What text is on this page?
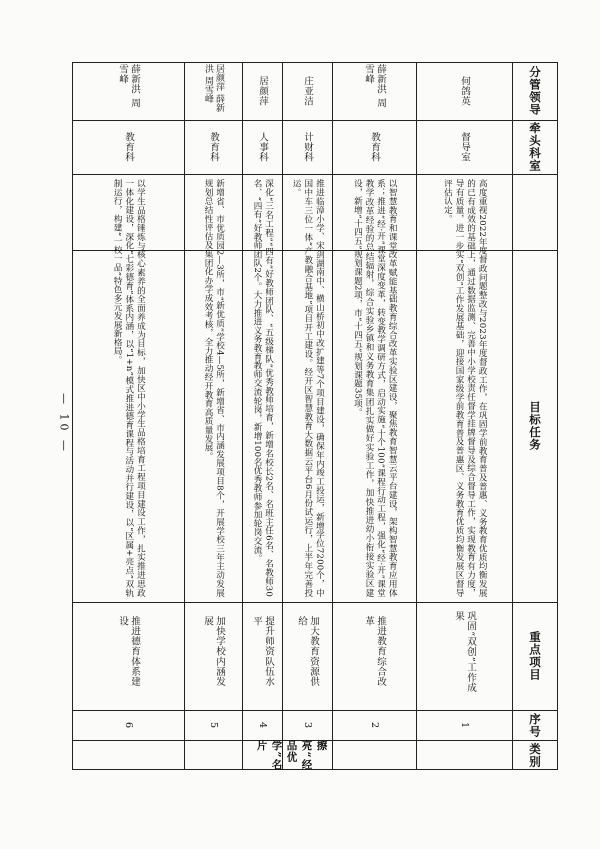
— 10 —
分管领导
牵头科室
目标任务
重点项目
序号
类别
擦亮“经品优学”名片
何鸽英
督导室
高度重视2022年度督政问题整改与2023年度督政工作，在巩固学前教育普及普惠、义务教育优质均衡发展的已有成效的基础上，通过数据监测、完善中小学校责任督学挂牌督导及综合督导工作，实现教育有力度，导有质量，进一步实“双创”工作发展基础，迎接国家级学前教育普及普惠区、义务教育优质均衡发展区督导评估认定。
巩固“双创”工作成果
1
薛新洪 周雪峰
教育科
以智慧教育和课堂改革赋能基础教育综合改革实验区建设，聚焦教育智慧云平台建设，架构智慧教育应用体系；推进“经·开”课堂深度变革，转变教学调研方式，启动实施“十个100”课程行动工程，强化“经·开”课堂教学改革经验的总结辐射，综合实验乡镇和义务教育集团扎实做好实验工作，加快推进幼小衔接实验区建设，新增“十四五”规划课题2项，市“十四五”规划课题35项。
推进教育综合改革
2
庄亚洁
计财科
推进临漳小学、宋剑湖南中、横山桥初中改扩建等7个项目建设，确保年内竣工投运，新增学位7200个，中国中车三位一体“产教融合基地”项目开工建设。经开区智慧教育大数据云平台6月份试运行，上半年完善投运。
加大教育资源供给
3
居颜萍
人事科
深化“三名工程”“四有”好教师团队、“五级梯队”优秀教师培育，新增名校长2名、名班主任6名、名教师30名、“四有”好教师团队2个。大力推进义务教育教师交流轮岗，新增100名优秀教师参加轮岗交流。
提升师资队伍水平
4
居颜萍 薛新洪 周雪峰
教育科
新增省、市优质园2—3所，市“新优质”学校4—5所，新增省、市内涵发展项目8个，开展学校三年主动发展规划总结性评估及集团化办学成效考核，全力推动经开教育高质量发展。
加快学校内涵发展
5
薛新洪 周雪峰
教育科
以学生品格锤炼与核心素养的全面养成为目标，加快区中小学生品格培育工程项目建设工作，扎实推进思政一体化建设，深化“七彩德育”体系内涵，以“1+n”模式推进德育课程与活动并行建设，以“区属+亮点”双轨制运行，构建“一校一品”特色多元发展新格局。
推进德育体系建设
6
